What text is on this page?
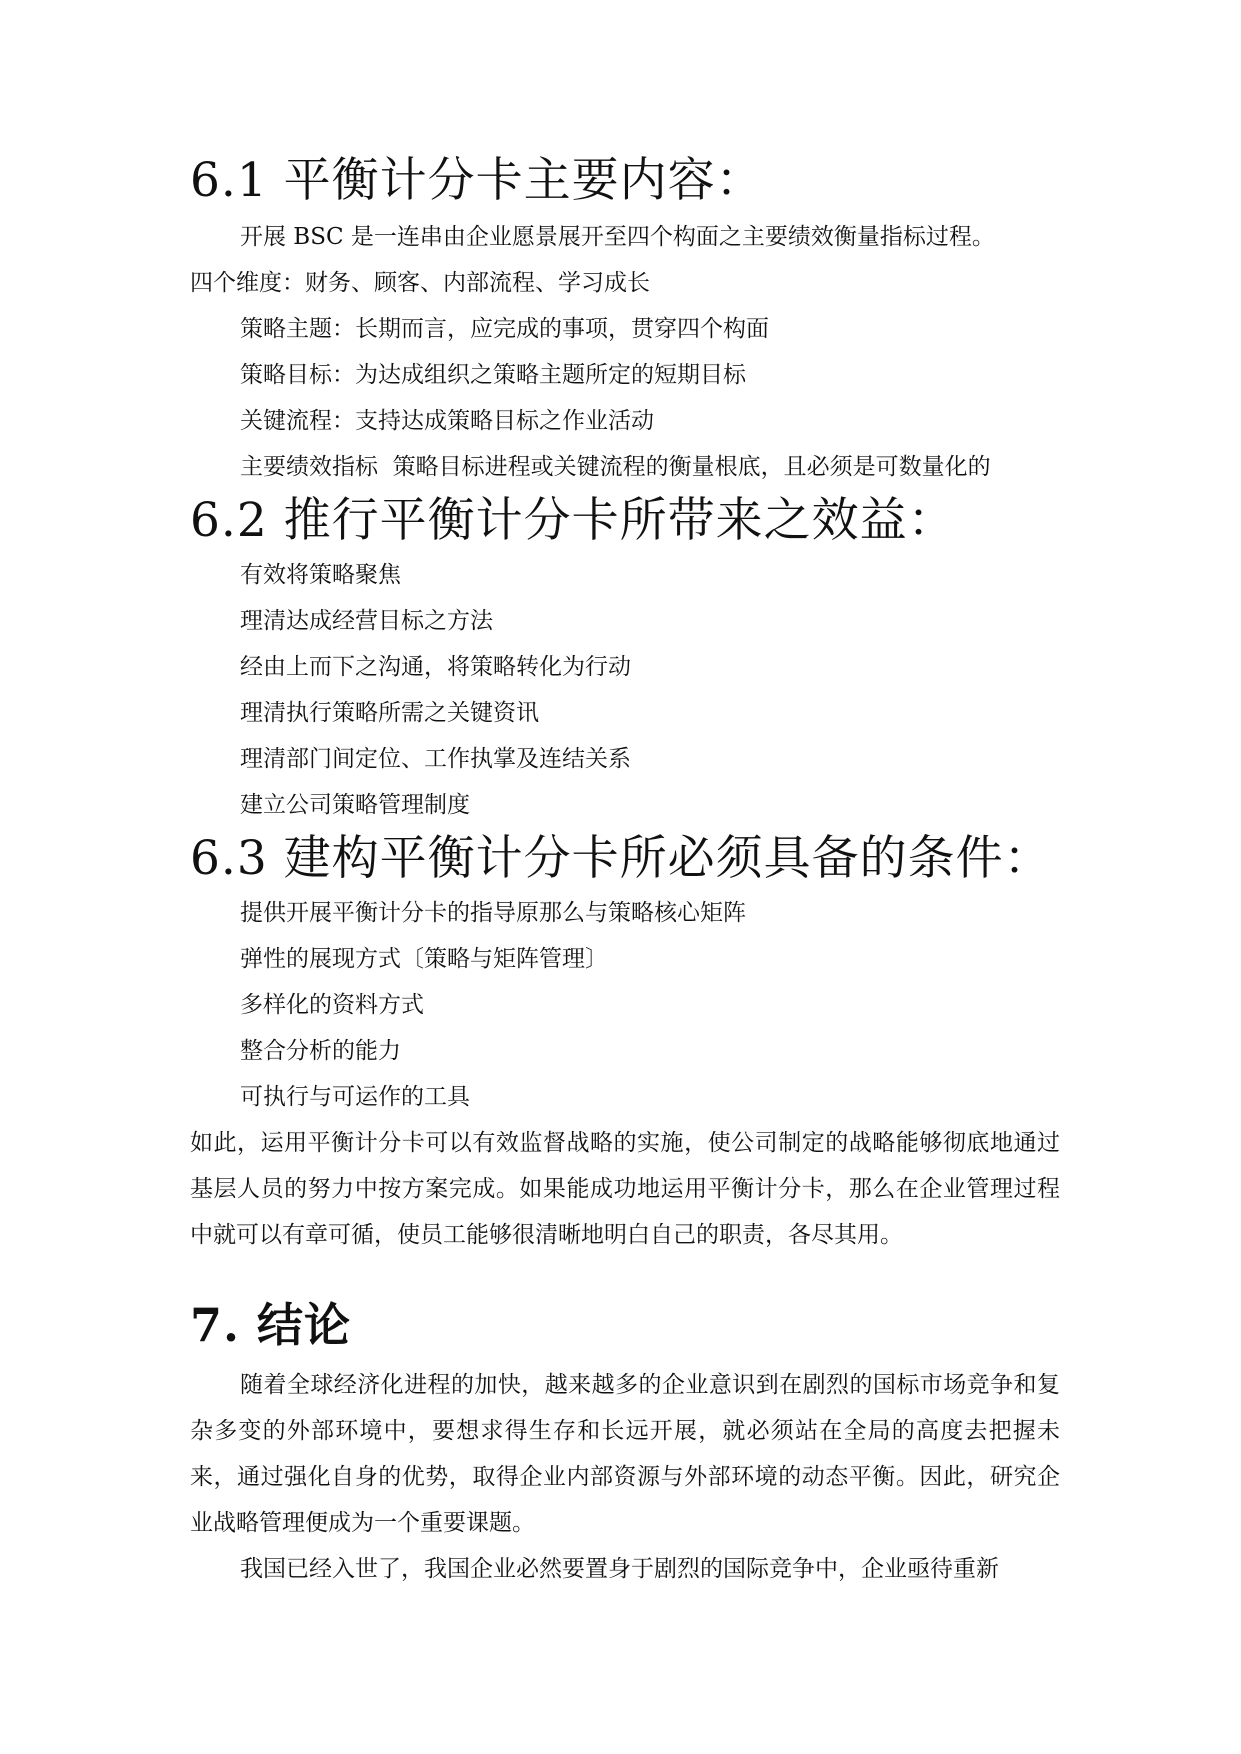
6.1 平衡计分卡主要内容：

开展 BSC 是一连串由企业愿景展开至四个构面之主要绩效衡量指标过程。

四个维度：财务、顾客、内部流程、学习成长

策略主题：长期而言，应完成的事项，贯穿四个构面

策略目标：为达成组织之策略主题所定的短期目标

关键流程：支持达成策略目标之作业活动

主要绩效指标  策略目标进程或关键流程的衡量根底，且必须是可数量化的

6.2 推行平衡计分卡所带来之效益：

有效将策略聚焦

理清达成经营目标之方法

经由上而下之沟通，将策略转化为行动

理清执行策略所需之关键资讯

理清部门间定位、工作执掌及连结关系

建立公司策略管理制度

6.3 建构平衡计分卡所必须具备的条件：

提供开展平衡计分卡的指导原那么与策略核心矩阵

弹性的展现方式〔策略与矩阵管理〕

多样化的资料方式

整合分析的能力

可执行与可运作的工具

如此，运用平衡计分卡可以有效监督战略的实施，使公司制定的战略能够彻底地通过基层人员的努力中按方案完成。如果能成功地运用平衡计分卡，那么在企业管理过程中就可以有章可循，使员工能够很清晰地明白自己的职责，各尽其用。

7. 结论

随着全球经济化进程的加快，越来越多的企业意识到在剧烈的国标市场竞争和复杂多变的外部环境中，要想求得生存和长远开展，就必须站在全局的高度去把握未来，通过强化自身的优势，取得企业内部资源与外部环境的动态平衡。因此，研究企业战略管理便成为一个重要课题。

我国已经入世了，我国企业必然要置身于剧烈的国际竞争中，企业亟待重新
